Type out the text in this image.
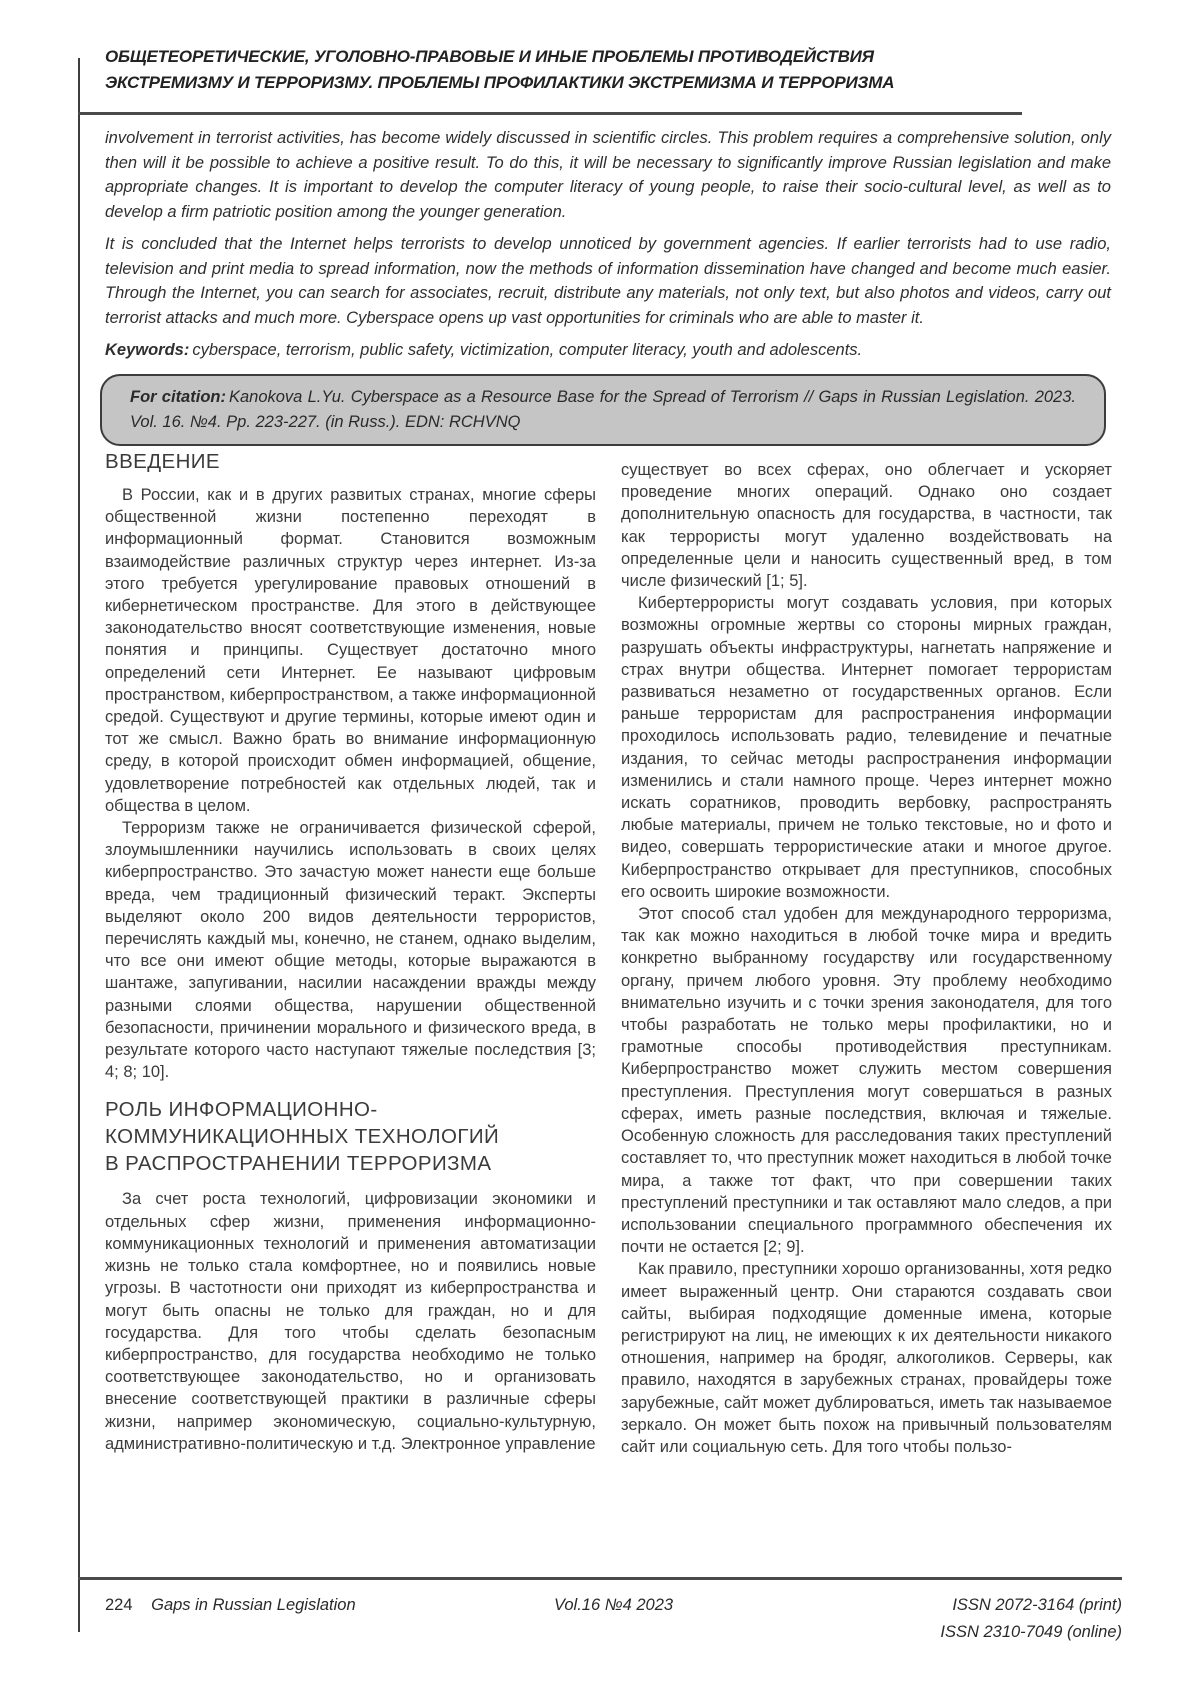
ОБЩЕТЕОРЕТИЧЕСКИЕ, УГОЛОВНО-ПРАВОВЫЕ И ИНЫЕ ПРОБЛЕМЫ ПРОТИВОДЕЙСТВИЯ
ЭКСТРЕМИЗМУ И ТЕРРОРИЗМУ. ПРОБЛЕМЫ ПРОФИЛАКТИКИ ЭКСТРЕМИЗМА И ТЕРРОРИЗМА

involvement in terrorist activities, has become widely discussed in scientific circles. This problem requires a comprehensive solution, only then will it be possible to achieve a positive result. To do this, it will be necessary to significantly improve Russian legislation and make appropriate changes. It is important to develop the computer literacy of young people, to raise their socio-cultural level, as well as to develop a firm patriotic position among the younger generation.

It is concluded that the Internet helps terrorists to develop unnoticed by government agencies. If earlier terrorists had to use radio, television and print media to spread information, now the methods of information dissemination have changed and become much easier. Through the Internet, you can search for associates, recruit, distribute any materials, not only text, but also photos and videos, carry out terrorist attacks and much more. Cyberspace opens up vast opportunities for criminals who are able to master it.

Keywords: cyberspace, terrorism, public safety, victimization, computer literacy, youth and adolescents.

For citation: Kanokova L.Yu. Cyberspace as a Resource Base for the Spread of Terrorism // Gaps in Russian Legislation. 2023. Vol. 16. №4. Pp. 223-227. (in Russ.). EDN: RCHVNQ
ВВЕДЕНИЕ

В России, как и в других развитых странах, многие сферы общественной жизни постепенно переходят в информационный формат. Становится возможным взаимодействие различных структур через интернет. Из-за этого требуется урегулирование правовых отношений в кибернетическом пространстве. Для этого в действующее законодательство вносят соответствующие изменения, новые понятия и принципы. Существует достаточно много определений сети Интернет. Ее называют цифровым пространством, киберпространством, а также информационной средой. Существуют и другие термины, которые имеют один и тот же смысл. Важно брать во внимание информационную среду, в которой происходит обмен информацией, общение, удовлетворение потребностей как отдельных людей, так и общества в целом.

Терроризм также не ограничивается физической сферой, злоумышленники научились использовать в своих целях киберпространство. Это зачастую может нанести еще больше вреда, чем традиционный физический теракт. Эксперты выделяют около 200 видов деятельности террористов, перечислять каждый мы, конечно, не станем, однако выделим, что все они имеют общие методы, которые выражаются в шантаже, запугивании, насилии насаждении вражды между разными слоями общества, нарушении общественной безопасности, причинении морального и физического вреда, в результате которого часто наступают тяжелые последствия [3; 4; 8; 10].

РОЛЬ ИНФОРМАЦИОННО-
КОММУНИКАЦИОННЫХ ТЕХНОЛОГИЙ
В РАСПРОСТРАНЕНИИ ТЕРРОРИЗМА

За счет роста технологий, цифровизации экономики и отдельных сфер жизни, применения информационно-коммуникационных технологий и применения автоматизации жизнь не только стала комфортнее, но и появились новые угрозы. В частотности они приходят из киберпространства и могут быть опасны не только для граждан, но и для государства. Для того чтобы сделать безопасным киберпространство, для государства необходимо не только соответствующее законодательство, но и организовать внесение соответствующей практики в различные сферы жизни, например экономическую, социально-культурную, административно-политическую и т.д. Электронное управление

существует во всех сферах, оно облегчает и ускоряет проведение многих операций. Однако оно создает дополнительную опасность для государства, в частности, так как террористы могут удаленно воздействовать на определенные цели и наносить существенный вред, в том числе физический [1; 5].

Кибертеррористы могут создавать условия, при которых возможны огромные жертвы со стороны мирных граждан, разрушать объекты инфраструктуры, нагнетать напряжение и страх внутри общества. Интернет помогает террористам развиваться незаметно от государственных органов. Если раньше террористам для распространения информации проходилось использовать радио, телевидение и печатные издания, то сейчас методы распространения информации изменились и стали намного проще. Через интернет можно искать соратников, проводить вербовку, распространять любые материалы, причем не только текстовые, но и фото и видео, совершать террористические атаки и многое другое. Киберпространство открывает для преступников, способных его освоить широкие возможности.

Этот способ стал удобен для международного терроризма, так как можно находиться в любой точке мира и вредить конкретно выбранному государству или государственному органу, причем любого уровня. Эту проблему необходимо внимательно изучить и с точки зрения законодателя, для того чтобы разработать не только меры профилактики, но и грамотные способы противодействия преступникам. Киберпространство может служить местом совершения преступления. Преступления могут совершаться в разных сферах, иметь разные последствия, включая и тяжелые. Особенную сложность для расследования таких преступлений составляет то, что преступник может находиться в любой точке мира, а также тот факт, что при совершении таких преступлений преступники и так оставляют мало следов, а при использовании специального программного обеспечения их почти не остается [2; 9].

Как правило, преступники хорошо организованны, хотя редко имеет выраженный центр. Они стараются создавать свои сайты, выбирая подходящие доменные имена, которые регистрируют на лиц, не имеющих к их деятельности никакого отношения, например на бродяг, алкоголиков. Серверы, как правило, находятся в зарубежных странах, провайдеры тоже зарубежные, сайт может дублироваться, иметь так называемое зеркало. Он может быть похож на привычный пользователям сайт или социальную сеть. Для того чтобы пользо-

224 Gaps in Russian Legislation	Vol.16 №4 2023	ISSN 2072-3164 (print)
ISSN 2310-7049 (online)
